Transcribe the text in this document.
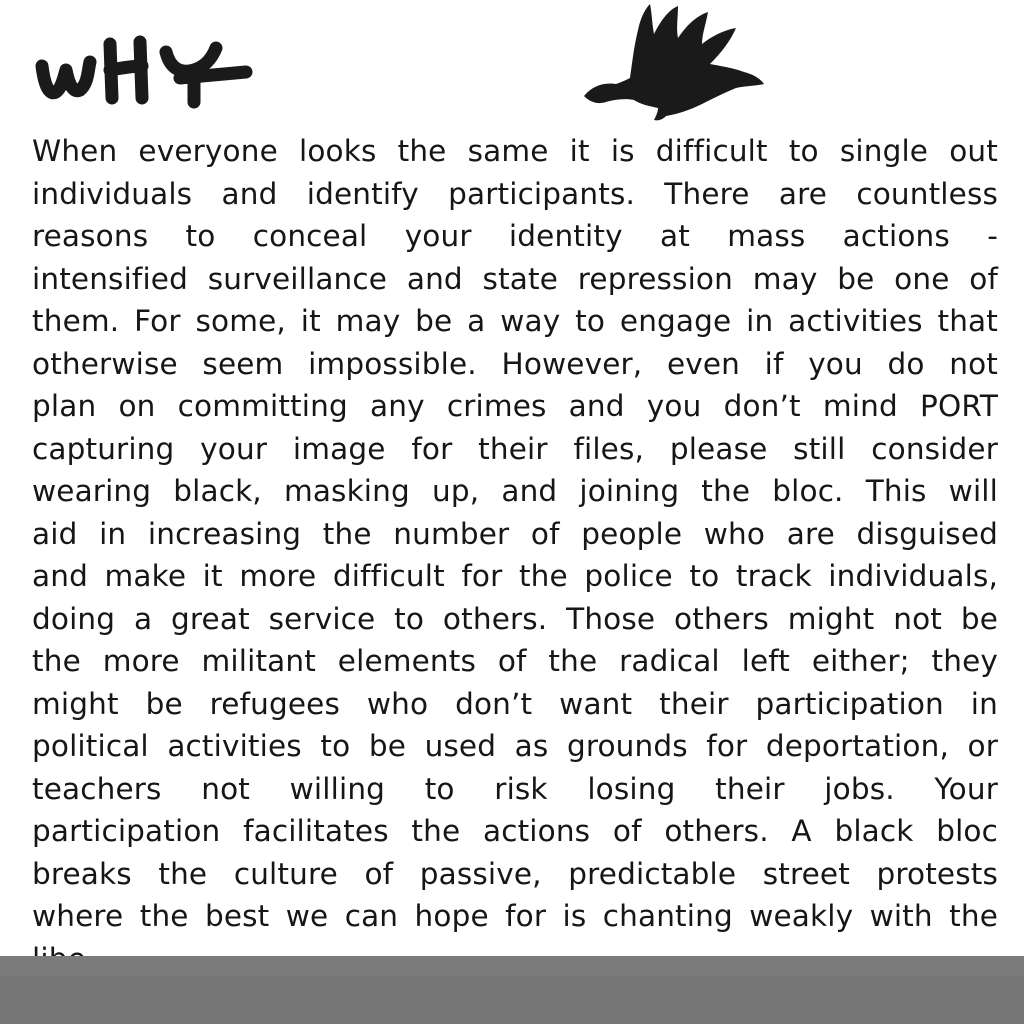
When everyone looks the same it is difficult to single out
individuals and identify participants. There are countless
reasons to conceal your identity at mass actions -
intensified surveillance and state repression may be one of
them. For some, it may be a way to engage in activities that
otherwise seem impossible. However, even if you do not
plan on committing any crimes and you don’t mind PORT
capturing your image for their files, please still consider
wearing black, masking up, and joining the bloc. This will
aid in increasing the number of people who are disguised
and make it more difficult for the police to track individuals,
doing a great service to others. Those others might not be
the more militant elements of the radical left either; they
might be refugees who don’t want their participation in
political activities to be used as grounds for deportation, or
teachers not willing to risk losing their jobs. Your
participation facilitates the actions of others. A black bloc
breaks the culture of passive, predictable street protests
where the best we can hope for is chanting weakly with the
